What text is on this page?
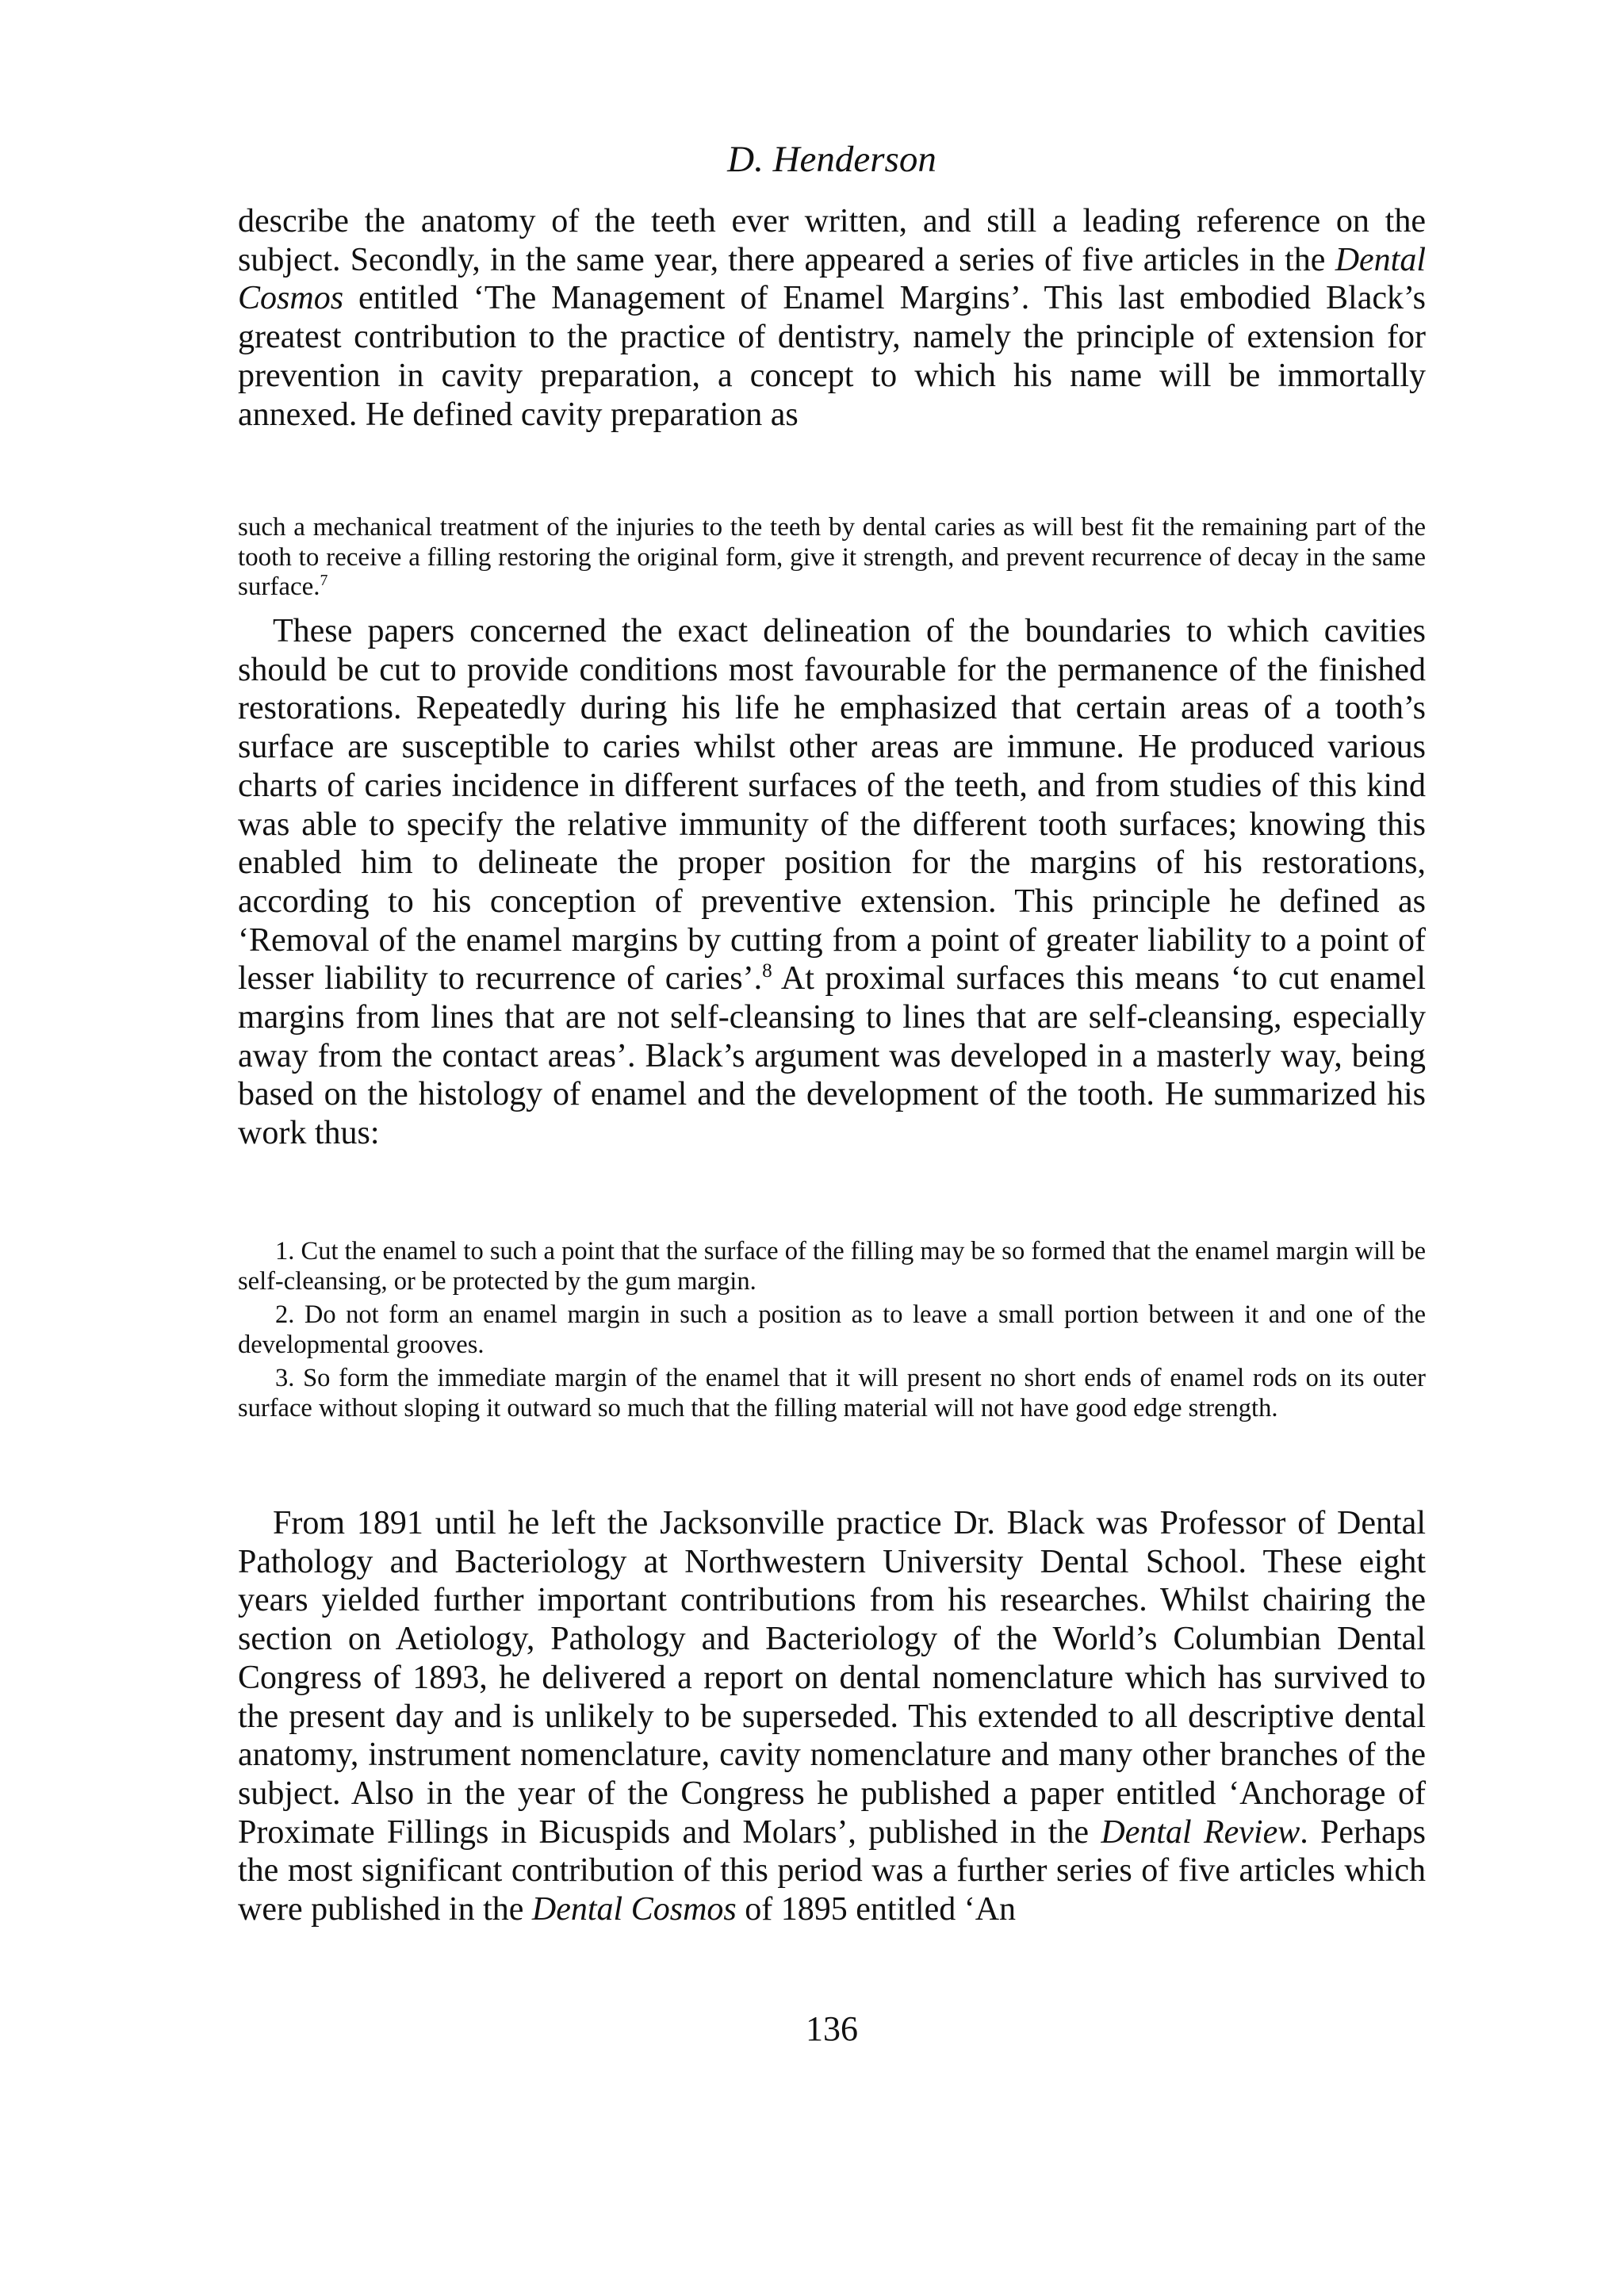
D. Henderson

describe the anatomy of the teeth ever written, and still a leading reference on the subject. Secondly, in the same year, there appeared a series of five articles in the Dental Cosmos entitled ‘The Management of Enamel Margins’. This last embodied Black’s greatest contribution to the practice of dentistry, namely the principle of extension for prevention in cavity preparation, a concept to which his name will be immortally annexed. He defined cavity preparation as

such a mechanical treatment of the injuries to the teeth by dental caries as will best fit the remaining part of the tooth to receive a filling restoring the original form, give it strength, and prevent recurrence of decay in the same surface.$^7$

These papers concerned the exact delineation of the boundaries to which cavities should be cut to provide conditions most favourable for the permanence of the finished restorations. Repeatedly during his life he emphasized that certain areas of a tooth’s surface are susceptible to caries whilst other areas are immune. He produced various charts of caries incidence in different surfaces of the teeth, and from studies of this kind was able to specify the relative immunity of the different tooth surfaces; knowing this enabled him to delineate the proper position for the margins of his restorations, according to his conception of preventive extension. This principle he defined as ‘Removal of the enamel margins by cutting from a point of greater liability to a point of lesser liability to recurrence of caries’.$^8$ At proximal surfaces this means ‘to cut enamel margins from lines that are not self-cleansing to lines that are self-cleansing, especially away from the contact areas’. Black’s argument was developed in a masterly way, being based on the histology of enamel and the development of the tooth. He summarized his work thus:

1. Cut the enamel to such a point that the surface of the filling may be so formed that the enamel margin will be self-cleansing, or be protected by the gum margin.

2. Do not form an enamel margin in such a position as to leave a small portion between it and one of the developmental grooves.

3. So form the immediate margin of the enamel that it will present no short ends of enamel rods on its outer surface without sloping it outward so much that the filling material will not have good edge strength.

From 1891 until he left the Jacksonville practice Dr. Black was Professor of Dental Pathology and Bacteriology at Northwestern University Dental School. These eight years yielded further important contributions from his researches. Whilst chairing the section on Aetiology, Pathology and Bacteriology of the World’s Columbian Dental Congress of 1893, he delivered a report on dental nomenclature which has survived to the present day and is unlikely to be superseded. This extended to all descriptive dental anatomy, instrument nomenclature, cavity nomenclature and many other branches of the subject. Also in the year of the Congress he published a paper entitled ‘Anchorage of Proximate Fillings in Bicuspids and Molars’, published in the Dental Review. Perhaps the most significant contribution of this period was a further series of five articles which were published in the Dental Cosmos of 1895 entitled ‘An

136
